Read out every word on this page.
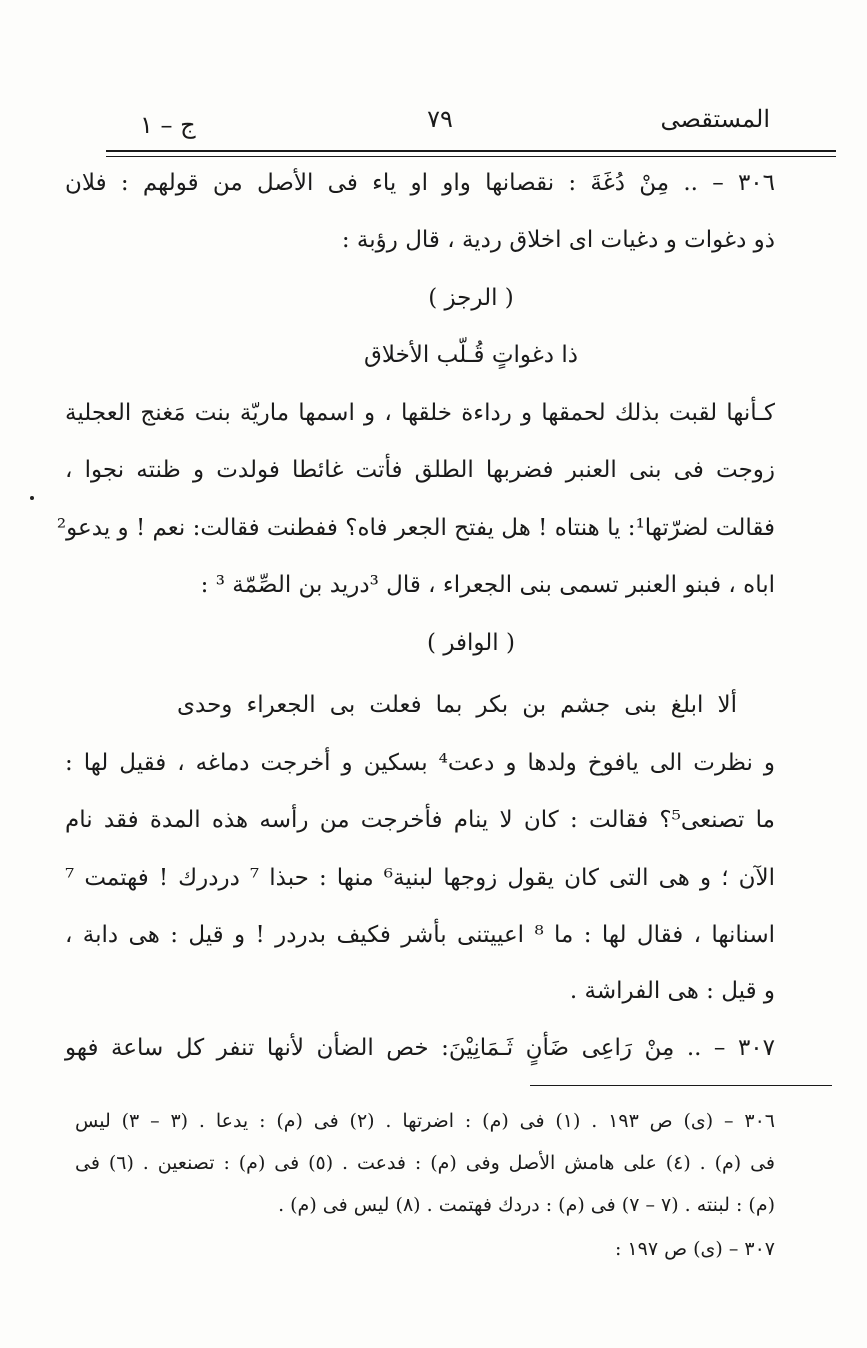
ج – ١	٧٩	المستقصى
٣٠٦ – .. مِنْ دُغَةَ : نقصانها واو او ياء فى الأصل من قولهم : فلان
ذو دغوات و دغيات اى اخلاق ردية ، قال رؤبة :
( الرجز )
ذا دغواتٍ قُـلّب الأخلاق
كـأنها لقبت بذلك لحمقها و رداءة خلقها ، و اسمها ماريّة بنت مَغنج العجلية
زوجت فى بنى العنبر فضربها الطلق فأتت غائطا فولدت و ظنته نجوا ،
فقالت لضرّتها¹: يا هنتاه ! هل يفتح الجعر فاه؟ ففطنت فقالت: نعم ! و يدعو²
اباه ، فبنو العنبر تسمى بنى الجعراء ، قال ³دريد بن الصِّمّة ³ :
( الوافر )
ألا ابلغ بنى جشم بن بكر بما فعلت بى الجعراء وحدى
و نظرت الى يافوخ ولدها و دعت⁴ بسكين و أخرجت دماغه ، فقيل لها :
ما تصنعى⁵؟ فقالت : كان لا ينام فأخرجت من رأسه هذه المدة فقد نام
الآن ؛ و هى التى كان يقول زوجها لبنية⁶ منها : حبذا ⁷ دردرك ! فهتمت ⁷
اسنانها ، فقال لها : ما ⁸ اعييتنى بأشر فكيف بدردر ! و قيل : هى دابة ،
و قيل : هى الفراشة .
٣٠٧ – .. مِنْ رَاعِى ضَأنٍ ثَـمَانِيْنَ: خص الضأن لأنها تنفر كل ساعة فهو
٣٠٦ – (ى) ص ١٩٣ . (١) فى (م) : اضرتها . (٢) فى (م) : يدعا . (٣ – ٣) ليس
فى (م) . (٤) على هامش الأصل وفى (م) : فدعت . (٥) فى (م) : تصنعين . (٦) فى
(م) : لبنته . (٧ – ٧) فى (م) : دردك فهتمت . (٨) ليس فى (م) .
٣٠٧ – (ى) ص ١٩٧ :
